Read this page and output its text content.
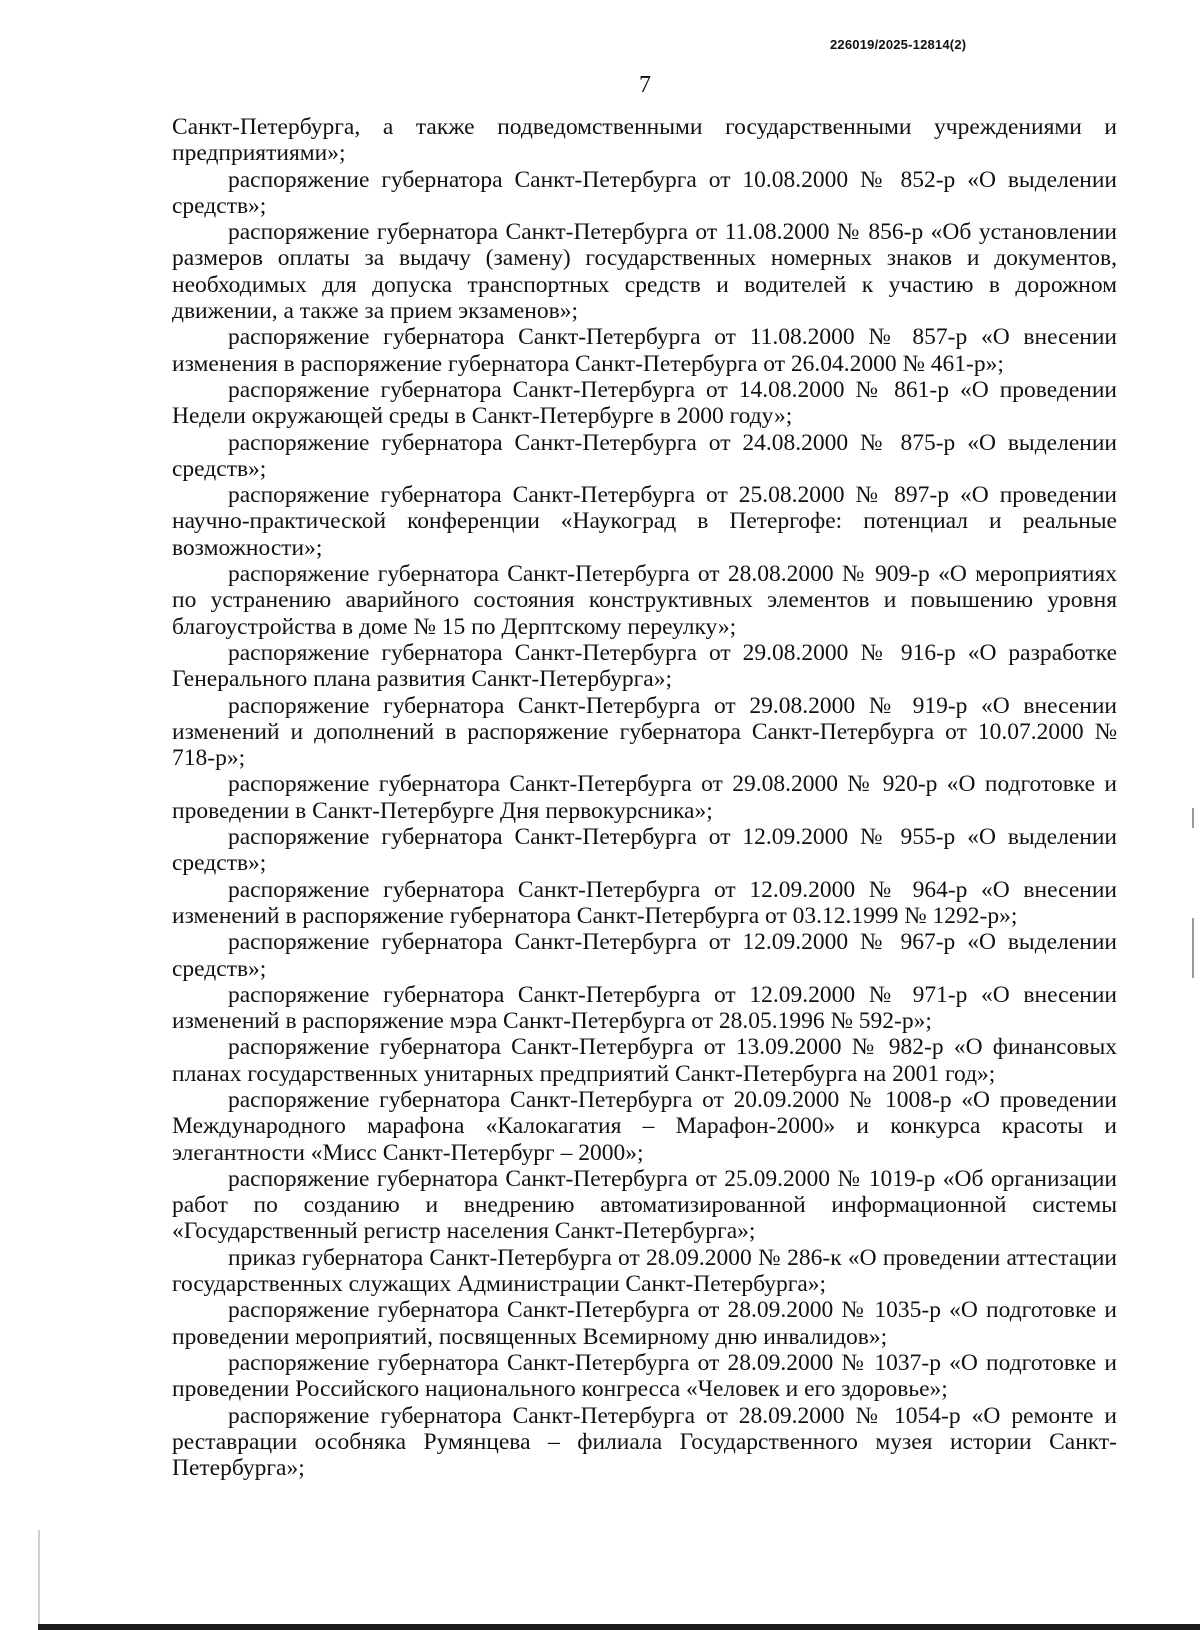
226019/2025-12814(2)
7

Санкт-Петербурга, а также подведомственными государственными учреждениями и предприятиями»;

распоряжение губернатора Санкт-Петербурга от 10.08.2000 № 852-р «О выделении средств»;

распоряжение губернатора Санкт-Петербурга от 11.08.2000 № 856-р «Об установлении размеров оплаты за выдачу (замену) государственных номерных знаков и документов, необходимых для допуска транспортных средств и водителей к участию в дорожном движении, а также за прием экзаменов»;

распоряжение губернатора Санкт-Петербурга от 11.08.2000 № 857-р «О внесении изменения в распоряжение губернатора Санкт-Петербурга от 26.04.2000 № 461-р»;

распоряжение губернатора Санкт-Петербурга от 14.08.2000 № 861-р «О проведении Недели окружающей среды в Санкт-Петербурге в 2000 году»;

распоряжение губернатора Санкт-Петербурга от 24.08.2000 № 875-р «О выделении средств»;

распоряжение губернатора Санкт-Петербурга от 25.08.2000 № 897-р «О проведении научно-практической конференции «Наукоград в Петергофе: потенциал и реальные возможности»;

распоряжение губернатора Санкт-Петербурга от 28.08.2000 № 909-р «О мероприятиях по устранению аварийного состояния конструктивных элементов и повышению уровня благоустройства в доме № 15 по Дерптскому переулку»;

распоряжение губернатора Санкт-Петербурга от 29.08.2000 № 916-р «О разработке Генерального плана развития Санкт-Петербурга»;

распоряжение губернатора Санкт-Петербурга от 29.08.2000 № 919-р «О внесении изменений и дополнений в распоряжение губернатора Санкт-Петербурга от 10.07.2000 № 718-р»;

распоряжение губернатора Санкт-Петербурга от 29.08.2000 № 920-р «О подготовке и проведении в Санкт-Петербурге Дня первокурсника»;

распоряжение губернатора Санкт-Петербурга от 12.09.2000 № 955-р «О выделении средств»;

распоряжение губернатора Санкт-Петербурга от 12.09.2000 № 964-р «О внесении изменений в распоряжение губернатора Санкт-Петербурга от 03.12.1999 № 1292-р»;

распоряжение губернатора Санкт-Петербурга от 12.09.2000 № 967-р «О выделении средств»;

распоряжение губернатора Санкт-Петербурга от 12.09.2000 № 971-р «О внесении изменений в распоряжение мэра Санкт-Петербурга от 28.05.1996 № 592-р»;

распоряжение губернатора Санкт-Петербурга от 13.09.2000 № 982-р «О финансовых планах государственных унитарных предприятий Санкт-Петербурга на 2001 год»;

распоряжение губернатора Санкт-Петербурга от 20.09.2000 № 1008-р «О проведении Международного марафона «Калокагатия – Марафон-2000» и конкурса красоты и элегантности «Мисс Санкт-Петербург – 2000»;

распоряжение губернатора Санкт-Петербурга от 25.09.2000 № 1019-р «Об организации работ по созданию и внедрению автоматизированной информационной системы «Государственный регистр населения Санкт-Петербурга»;

приказ губернатора Санкт-Петербурга от 28.09.2000 № 286-к «О проведении аттестации государственных служащих Администрации Санкт-Петербурга»;

распоряжение губернатора Санкт-Петербурга от 28.09.2000 № 1035-р «О подготовке и проведении мероприятий, посвященных Всемирному дню инвалидов»;

распоряжение губернатора Санкт-Петербурга от 28.09.2000 № 1037-р «О подготовке и проведении Российского национального конгресса «Человек и его здоровье»;

распоряжение губернатора Санкт-Петербурга от 28.09.2000 № 1054-р «О ремонте и реставрации особняка Румянцева – филиала Государственного музея истории Санкт-Петербурга»;
